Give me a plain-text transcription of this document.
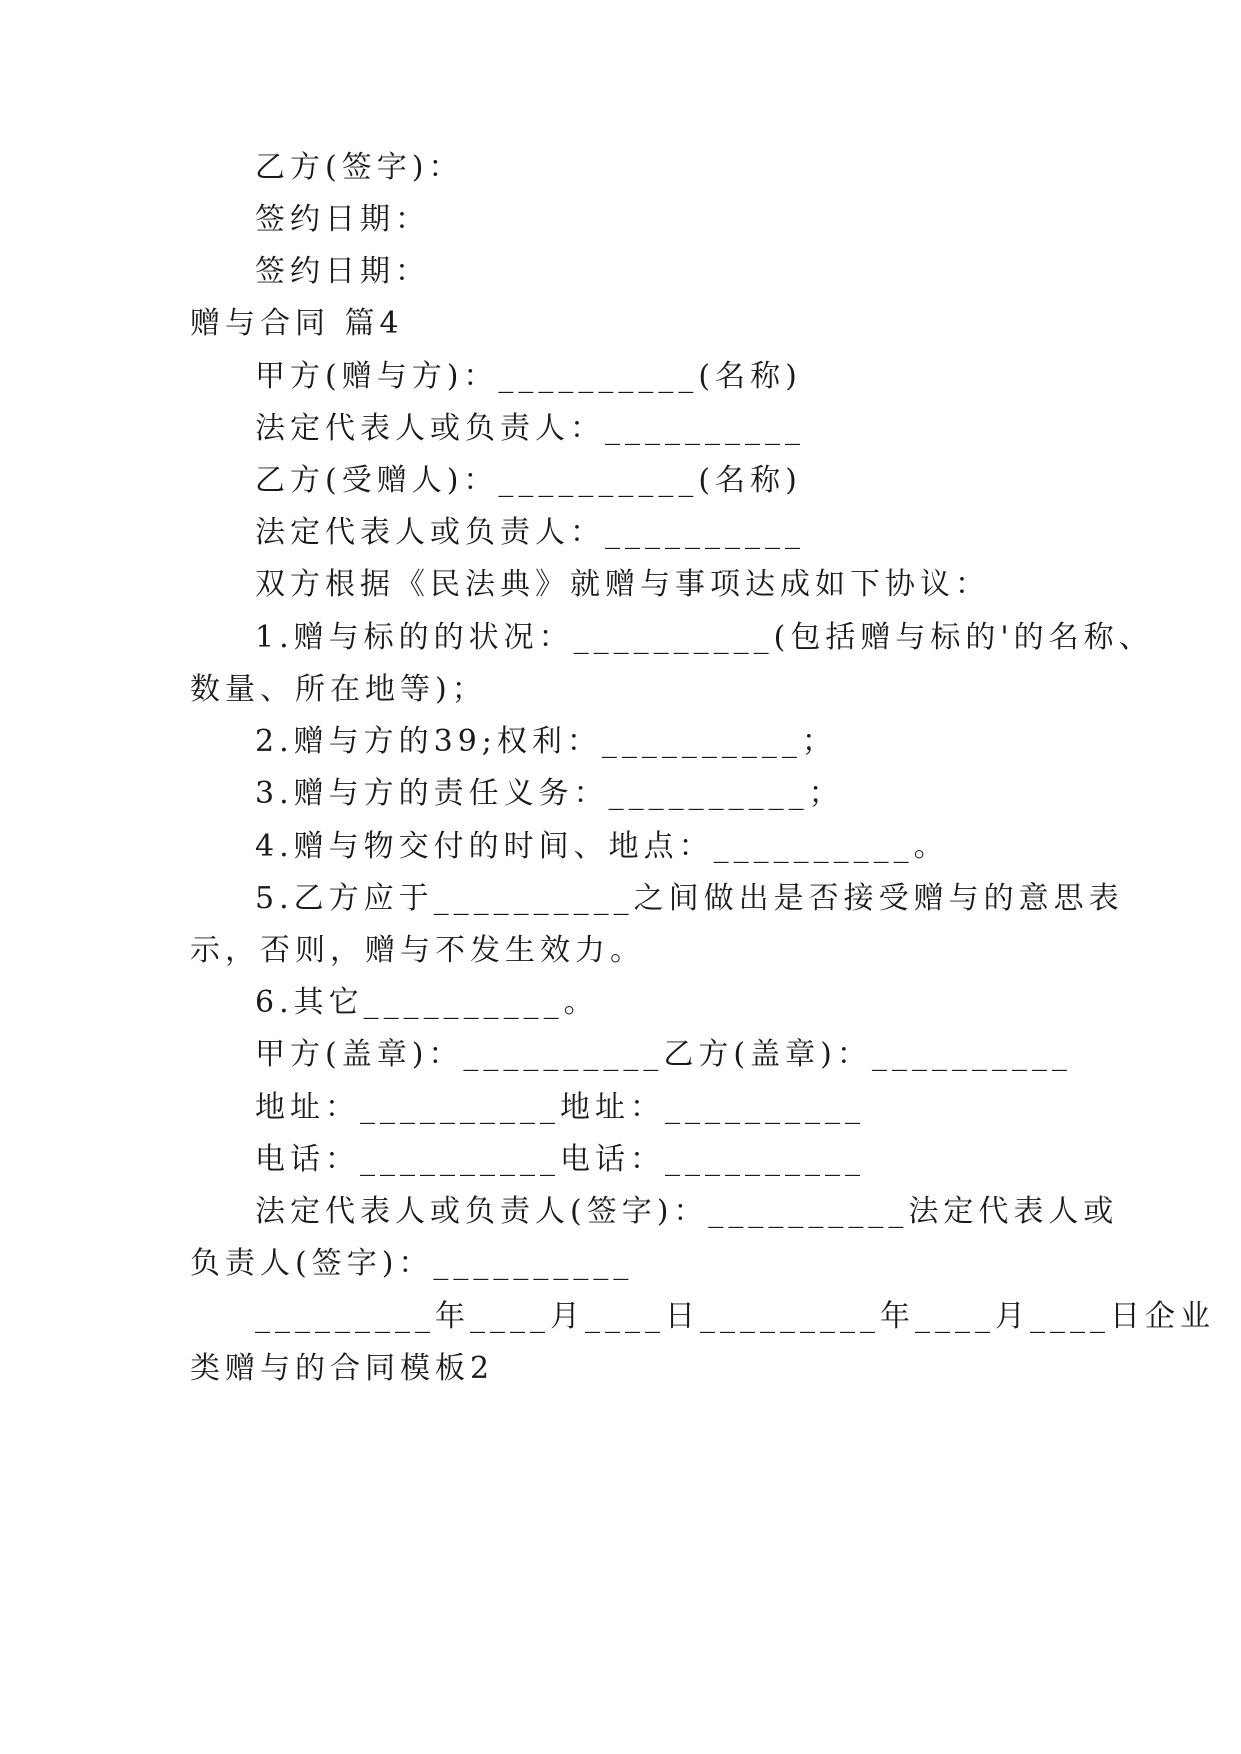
乙方(签字)：
签约日期：
签约日期：
赠与合同 篇4
甲方(赠与方)：__________(名称)
法定代表人或负责人：__________
乙方(受赠人)：__________(名称)
法定代表人或负责人：__________
双方根据《民法典》就赠与事项达成如下协议：
1.赠与标的的状况：__________(包括赠与标的'的名称、
数量、所在地等)；
2.赠与方的39;权利：__________；
3.赠与方的责任义务：__________；
4.赠与物交付的时间、地点：__________。
5.乙方应于__________之间做出是否接受赠与的意思表
示，否则，赠与不发生效力。
6.其它__________。
甲方(盖章)：__________乙方(盖章)：__________
地址：__________地址：__________
电话：__________电话：__________
法定代表人或负责人(签字)：__________法定代表人或
负责人(签字)：__________
_________年____月____日_________年____月____日企业
类赠与的合同模板2
